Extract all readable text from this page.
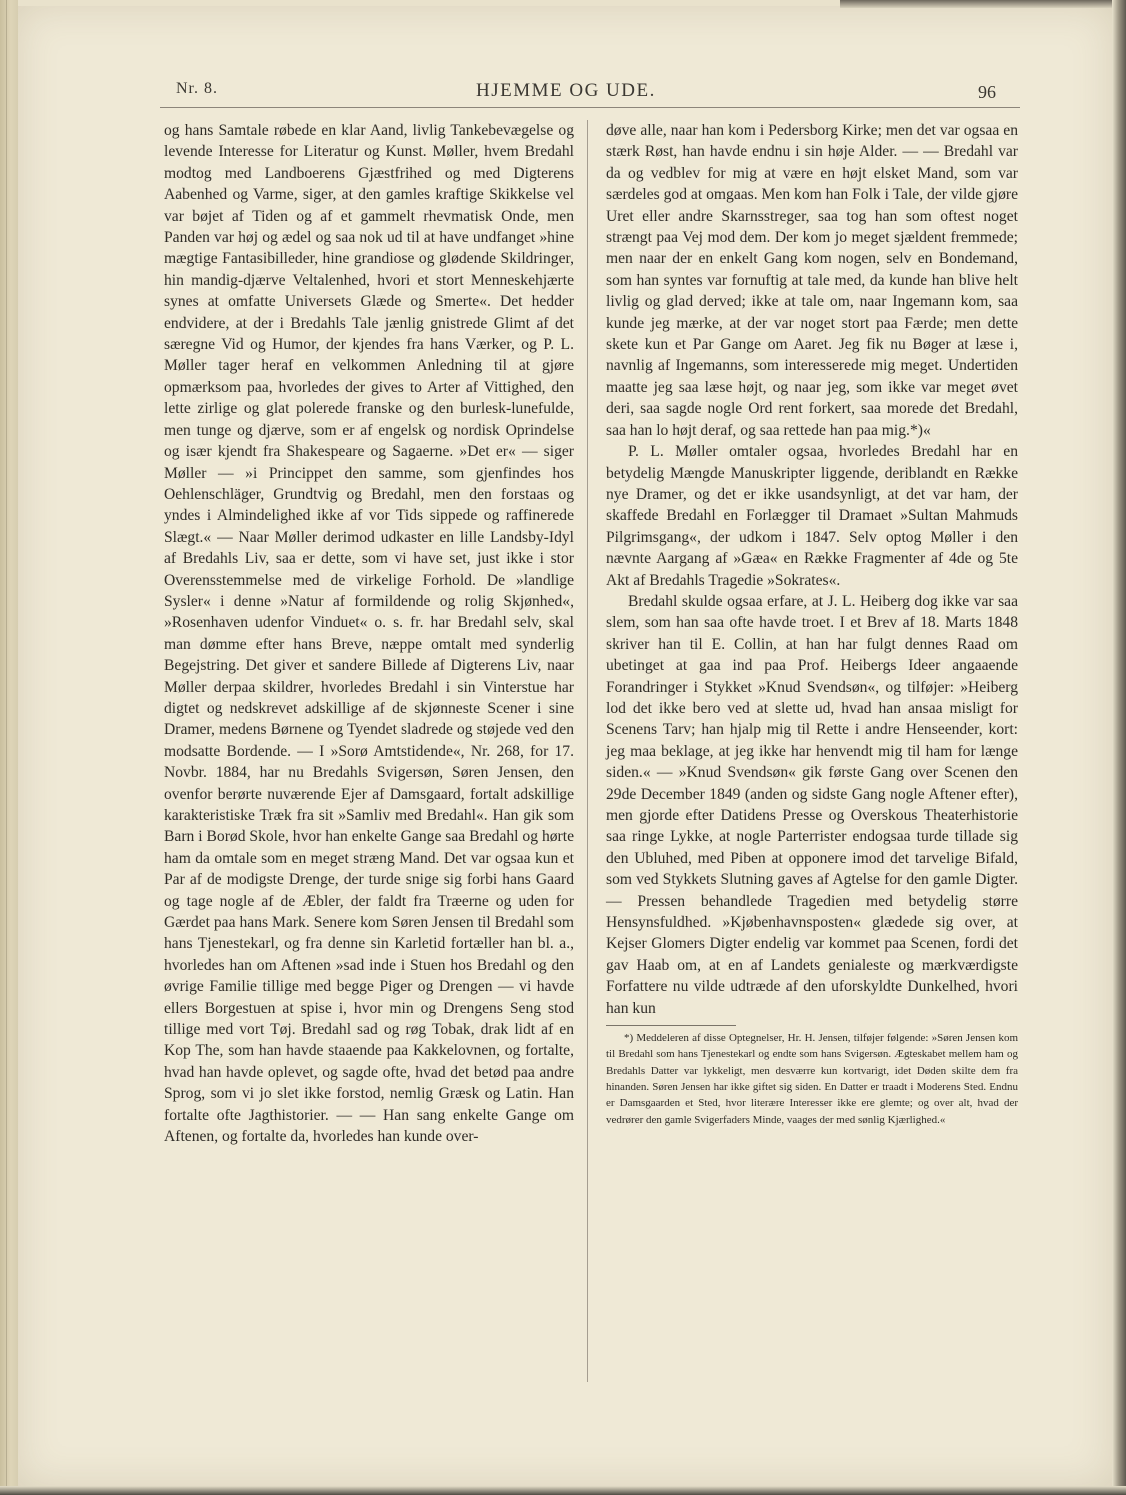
Nr. 8.	HJEMME OG UDE.	96

og hans Samtale røbede en klar Aand, livlig Tankebevægelse og levende Interesse for Literatur og Kunst. Møller, hvem Bredahl modtog med Landboerens Gjæstfrihed og med Digterens Aabenhed og Varme, siger, at den gamles kraftige Skikkelse vel var bøjet af Tiden og af et gammelt rhevmatisk Onde, men Panden var høj og ædel og saa nok ud til at have undfanget »hine mægtige Fantasibilleder, hine grandiose og glødende Skildringer, hin mandig-djærve Veltalenhed, hvori et stort Menneskehjærte synes at omfatte Universets Glæde og Smerte«. Det hedder endvidere, at der i Bredahls Tale jænlig gnistrede Glimt af det særegne Vid og Humor, der kjendes fra hans Værker, og P. L. Møller tager heraf en velkommen Anledning til at gjøre opmærksom paa, hvorledes der gives to Arter af Vittighed, den lette zirlige og glat polerede franske og den burlesk-lunefulde, men tunge og djærve, som er af engelsk og nordisk Oprindelse og især kjendt fra Shakespeare og Sagaerne. »Det er« — siger Møller — »i Princippet den samme, som gjenfindes hos Oehlenschläger, Grundtvig og Bredahl, men den forstaas og yndes i Almindelighed ikke af vor Tids sippede og raffinerede Slægt.« — Naar Møller derimod udkaster en lille Landsby-Idyl af Bredahls Liv, saa er dette, som vi have set, just ikke i stor Overensstemmelse med de virkelige Forhold. De »landlige Sysler« i denne »Natur af formildende og rolig Skjønhed«, »Rosenhaven udenfor Vinduet« o. s. fr. har Bredahl selv, skal man dømme efter hans Breve, næppe omtalt med synderlig Begejstring. Det giver et sandere Billede af Digterens Liv, naar Møller derpaa skildrer, hvorledes Bredahl i sin Vinterstue har digtet og nedskrevet adskillige af de skjønneste Scener i sine Dramer, medens Børnene og Tyendet sladrede og støjede ved den modsatte Bordende. — I »Sorø Amtstidende«, Nr. 268, for 17. Novbr. 1884, har nu Bredahls Svigersøn, Søren Jensen, den ovenfor berørte nuværende Ejer af Damsgaard, fortalt adskillige karakteristiske Træk fra sit »Samliv med Bredahl«. Han gik som Barn i Borød Skole, hvor han enkelte Gange saa Bredahl og hørte ham da omtale som en meget stræng Mand. Det var ogsaa kun et Par af de modigste Drenge, der turde snige sig forbi hans Gaard og tage nogle af de Æbler, der faldt fra Træerne og uden for Gærdet paa hans Mark. Senere kom Søren Jensen til Bredahl som hans Tjenestekarl, og fra denne sin Karletid fortæller han bl. a., hvorledes han om Aftenen »sad inde i Stuen hos Bredahl og den øvrige Familie tillige med begge Piger og Drengen — vi havde ellers Borgestuen at spise i, hvor min og Drengens Seng stod tillige med vort Tøj. Bredahl sad og røg Tobak, drak lidt af en Kop The, som han havde staaende paa Kakkelovnen, og fortalte, hvad han havde oplevet, og sagde ofte, hvad det betød paa andre Sprog, som vi jo slet ikke forstod, nemlig Græsk og Latin. Han fortalte ofte Jagthistorier. — — Han sang enkelte Gange om Aftenen, og fortalte da, hvorledes han kunde over-

døve alle, naar han kom i Pedersborg Kirke; men det var ogsaa en stærk Røst, han havde endnu i sin høje Alder. — — Bredahl var da og vedblev for mig at være en højt elsket Mand, som var særdeles god at omgaas. Men kom han Folk i Tale, der vilde gjøre Uret eller andre Skarnsstreger, saa tog han som oftest noget strængt paa Vej mod dem. Der kom jo meget sjældent fremmede; men naar der en enkelt Gang kom nogen, selv en Bondemand, som han syntes var fornuftig at tale med, da kunde han blive helt livlig og glad derved; ikke at tale om, naar Ingemann kom, saa kunde jeg mærke, at der var noget stort paa Færde; men dette skete kun et Par Gange om Aaret. Jeg fik nu Bøger at læse i, navnlig af Ingemanns, som interesserede mig meget. Undertiden maatte jeg saa læse højt, og naar jeg, som ikke var meget øvet deri, saa sagde nogle Ord rent forkert, saa morede det Bredahl, saa han lo højt deraf, og saa rettede han paa mig.*)«

P. L. Møller omtaler ogsaa, hvorledes Bredahl har en betydelig Mængde Manuskripter liggende, deriblandt en Række nye Dramer, og det er ikke usandsynligt, at det var ham, der skaffede Bredahl en Forlægger til Dramaet »Sultan Mahmuds Pilgrimsgang«, der udkom i 1847. Selv optog Møller i den nævnte Aargang af »Gæa« en Række Fragmenter af 4de og 5te Akt af Bredahls Tragedie »Sokrates«.

Bredahl skulde ogsaa erfare, at J. L. Heiberg dog ikke var saa slem, som han saa ofte havde troet. I et Brev af 18. Marts 1848 skriver han til E. Collin, at han har fulgt dennes Raad om ubetinget at gaa ind paa Prof. Heibergs Ideer angaaende Forandringer i Stykket »Knud Svendsøn«, og tilføjer: »Heiberg lod det ikke bero ved at slette ud, hvad han ansaa misligt for Scenens Tarv; han hjalp mig til Rette i andre Henseender, kort: jeg maa beklage, at jeg ikke har henvendt mig til ham for længe siden.« — »Knud Svendsøn« gik første Gang over Scenen den 29de December 1849 (anden og sidste Gang nogle Aftener efter), men gjorde efter Datidens Presse og Overskous Theaterhistorie saa ringe Lykke, at nogle Parterrister endogsaa turde tillade sig den Ubluhed, med Piben at opponere imod det tarvelige Bifald, som ved Stykkets Slutning gaves af Agtelse for den gamle Digter. — Pressen behandlede Tragedien med betydelig større Hensynsfuldhed. »Kjøbenhavnsposten« glædede sig over, at Kejser Glomers Digter endelig var kommet paa Scenen, fordi det gav Haab om, at en af Landets genialeste og mærkværdigste Forfattere nu vilde udtræde af den uforskyldte Dunkelhed, hvori han kun

*) Meddeleren af disse Optegnelser, Hr. H. Jensen, tilføjer følgende: »Søren Jensen kom til Bredahl som hans Tjenestekarl og endte som hans Svigersøn. Ægteskabet mellem ham og Bredahls Datter var lykkeligt, men desværre kun kortvarigt, idet Døden skilte dem fra hinanden. Søren Jensen har ikke giftet sig siden. En Datter er traadt i Moderens Sted. Endnu er Damsgaarden et Sted, hvor literære Interesser ikke ere glemte; og over alt, hvad der vedrører den gamle Svigerfaders Minde, vaages der med sønlig Kjærlighed.«
